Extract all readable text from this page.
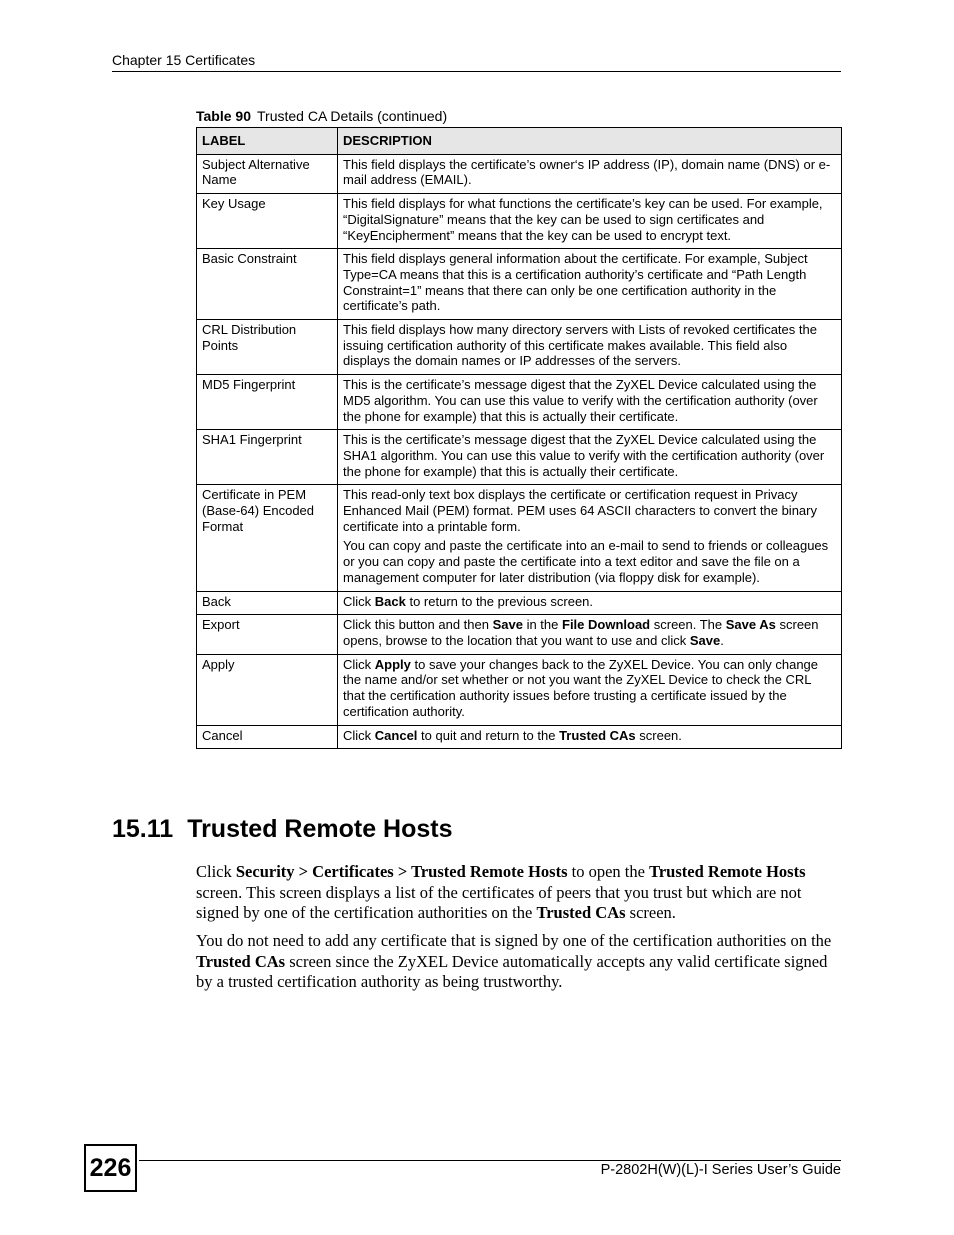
Chapter 15 Certificates
Table 90 Trusted CA Details (continued)
LABEL	DESCRIPTION
Subject Alternative Name	This field displays the certificate’s owner‘s IP address (IP), domain name (DNS) or e-mail address (EMAIL).

Key Usage	This field displays for what functions the certificate’s key can be used. For example, “DigitalSignature” means that the key can be used to sign certificates and “KeyEncipherment” means that the key can be used to encrypt text.

Basic Constraint	This field displays general information about the certificate. For example, Subject Type=CA means that this is a certification authority’s certificate and “Path Length Constraint=1” means that there can only be one certification authority in the certificate’s path.

CRL Distribution Points	This field displays how many directory servers with Lists of revoked certificates the issuing certification authority of this certificate makes available. This field also displays the domain names or IP addresses of the servers.

MD5 Fingerprint	This is the certificate’s message digest that the ZyXEL Device calculated using the MD5 algorithm. You can use this value to verify with the certification authority (over the phone for example) that this is actually their certificate.

SHA1 Fingerprint	This is the certificate’s message digest that the ZyXEL Device calculated using the SHA1 algorithm. You can use this value to verify with the certification authority (over the phone for example) that this is actually their certificate.

Certificate in PEM (Base-64) Encoded Format	This read-only text box displays the certificate or certification request in Privacy Enhanced Mail (PEM) format. PEM uses 64 ASCII characters to convert the binary certificate into a printable form.

You can copy and paste the certificate into an e-mail to send to friends or colleagues or you can copy and paste the certificate into a text editor and save the file on a management computer for later distribution (via floppy disk for example).

Back	Click Back to return to the previous screen.

Export	Click this button and then Save in the File Download screen. The Save As screen opens, browse to the location that you want to use and click Save.

Apply	Click Apply to save your changes back to the ZyXEL Device. You can only change the name and/or set whether or not you want the ZyXEL Device to check the CRL that the certification authority issues before trusting a certificate issued by the certification authority.

Cancel	Click Cancel to quit and return to the Trusted CAs screen.

15.11 Trusted Remote Hosts

Click Security > Certificates > Trusted Remote Hosts to open the Trusted Remote Hosts screen. This screen displays a list of the certificates of peers that you trust but which are not signed by one of the certification authorities on the Trusted CAs screen.

You do not need to add any certificate that is signed by one of the certification authorities on the Trusted CAs screen since the ZyXEL Device automatically accepts any valid certificate signed by a trusted certification authority as being trustworthy.

226	P-2802H(W)(L)-I Series User’s Guide
